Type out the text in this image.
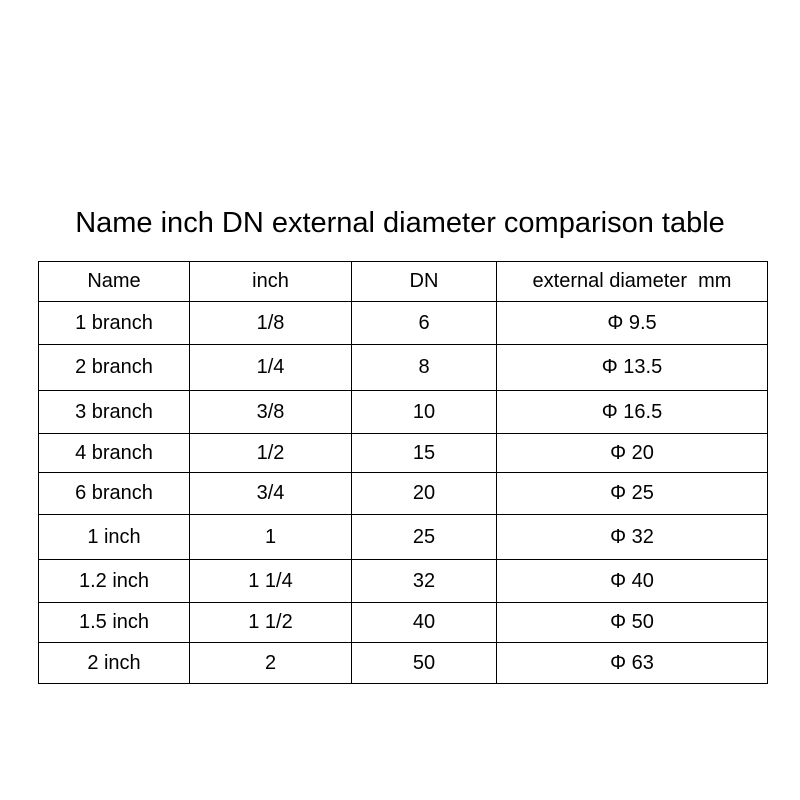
Name inch DN external diameter comparison table
Name	inch	DN	external diameter  mm
1 branch	1/8	6	Φ 9.5
2 branch	1/4	8	Φ 13.5
3 branch	3/8	10	Φ 16.5
4 branch	1/2	15	Φ 20
6 branch	3/4	20	Φ 25
1 inch	1	25	Φ 32
1.2 inch	1 1/4	32	Φ 40
1.5 inch	1 1/2	40	Φ 50
2 inch	2	50	Φ 63
